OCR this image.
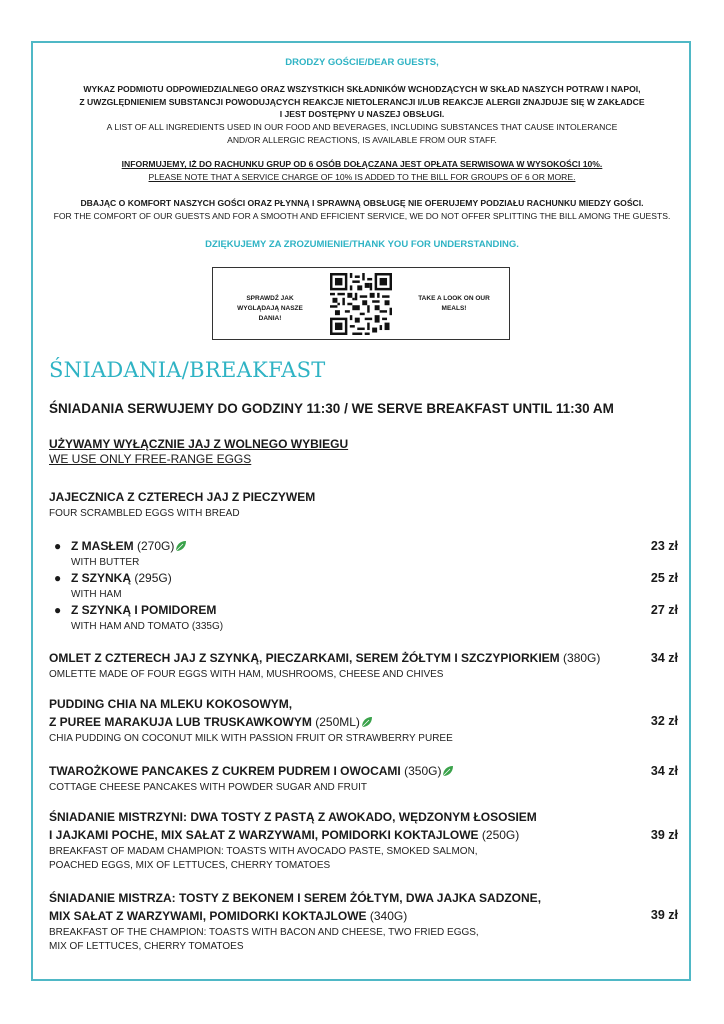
DRODZY GOŚCIE/DEAR GUESTS,
WYKAZ PODMIOTU ODPOWIEDZIALNEGO ORAZ WSZYSTKICH SKŁADNIKÓW WCHODZĄCYCH W SKŁAD NASZYCH POTRAW I NAPOI,
Z UWZGLĘDNIENIEM SUBSTANCJI POWODUJĄCYCH REAKCJE NIETOLERANCJI I/LUB REAKCJE ALERGII ZNAJDUJE SIĘ W ZAKŁADCE
I JEST DOSTĘPNY U NASZEJ OBSŁUGI.
A LIST OF ALL INGREDIENTS USED IN OUR FOOD AND BEVERAGES, INCLUDING SUBSTANCES THAT CAUSE INTOLERANCE
AND/OR ALLERGIC REACTIONS, IS AVAILABLE FROM OUR STAFF.
INFORMUJEMY, IŻ DO RACHUNKU GRUP OD 6 OSÓB DOŁĄCZANA JEST OPŁATA SERWISOWA W WYSOKOŚCI 10%.
PLEASE NOTE THAT A SERVICE CHARGE OF 10% IS ADDED TO THE BILL FOR GROUPS OF 6 OR MORE.
DBAJĄC O KOMFORT NASZYCH GOŚCI ORAZ PŁYNNĄ I SPRAWNĄ OBSŁUGĘ NIE OFERUJEMY PODZIAŁU RACHUNKU MIEDZY GOŚCI.
FOR THE COMFORT OF OUR GUESTS AND FOR A SMOOTH AND EFFICIENT SERVICE, WE DO NOT OFFER SPLITTING THE BILL AMONG THE GUESTS.
DZIĘKUJEMY ZA ZROZUMIENIE/THANK YOU FOR UNDERSTANDING.
SPRAWDŹ JAK WYGLĄDAJĄ NASZE DANIA!
TAKE A LOOK ON OUR MEALS!
ŚNIADANIA/BREAKFAST
ŚNIADANIA SERWUJEMY DO GODZINY 11:30 / WE SERVE BREAKFAST UNTIL 11:30 AM
UŻYWAMY WYŁĄCZNIE JAJ Z WOLNEGO WYBIEGU
WE USE ONLY FREE-RANGE EGGS
JAJECZNICA Z CZTERECH JAJ Z PIECZYWEM
FOUR SCRAMBLED EGGS WITH BREAD
● Z MASŁEM (270G)
WITH BUTTER
23 zł
● Z SZYNKĄ (295G)
WITH HAM
25 zł
● Z SZYNKĄ I POMIDOREM
WITH HAM AND TOMATO (335G)
27 zł
OMLET Z CZTERECH JAJ Z SZYNKĄ, PIECZARKAMI, SEREM ŻÓŁTYM I SZCZYPIORKIEM (380G)
OMLETTE MADE OF FOUR EGGS WITH HAM, MUSHROOMS, CHEESE AND CHIVES
34 zł
PUDDING CHIA NA MLEKU KOKOSOWYM,
Z PUREE MARAKUJA LUB TRUSKAWKOWYM (250ML)
CHIA PUDDING ON COCONUT MILK WITH PASSION FRUIT OR STRAWBERRY PUREE
32 zł
TWAROŻKOWE PANCAKES Z CUKREM PUDREM I OWOCAMI (350G)
COTTAGE CHEESE PANCAKES WITH POWDER SUGAR AND FRUIT
34 zł
ŚNIADANIE MISTRZYNI: DWA TOSTY Z PASTĄ Z AWOKADO, WĘDZONYM ŁOSOSIEM
I JAJKAMI POCHE, MIX SAŁAT Z WARZYWAMI, POMIDORKI KOKTAJLOWE (250G)
BREAKFAST OF MADAM CHAMPION: TOASTS WITH AVOCADO PASTE, SMOKED SALMON,
POACHED EGGS, MIX OF LETTUCES, CHERRY TOMATOES
39 zł
ŚNIADANIE MISTRZA: TOSTY Z BEKONEM I SEREM ŻÓŁTYM, DWA JAJKA SADZONE,
MIX SAŁAT Z WARZYWAMI, POMIDORKI KOKTAJLOWE (340G)
BREAKFAST OF THE CHAMPION: TOASTS WITH BACON AND CHEESE, TWO FRIED EGGS,
MIX OF LETTUCES, CHERRY TOMATOES
39 zł
